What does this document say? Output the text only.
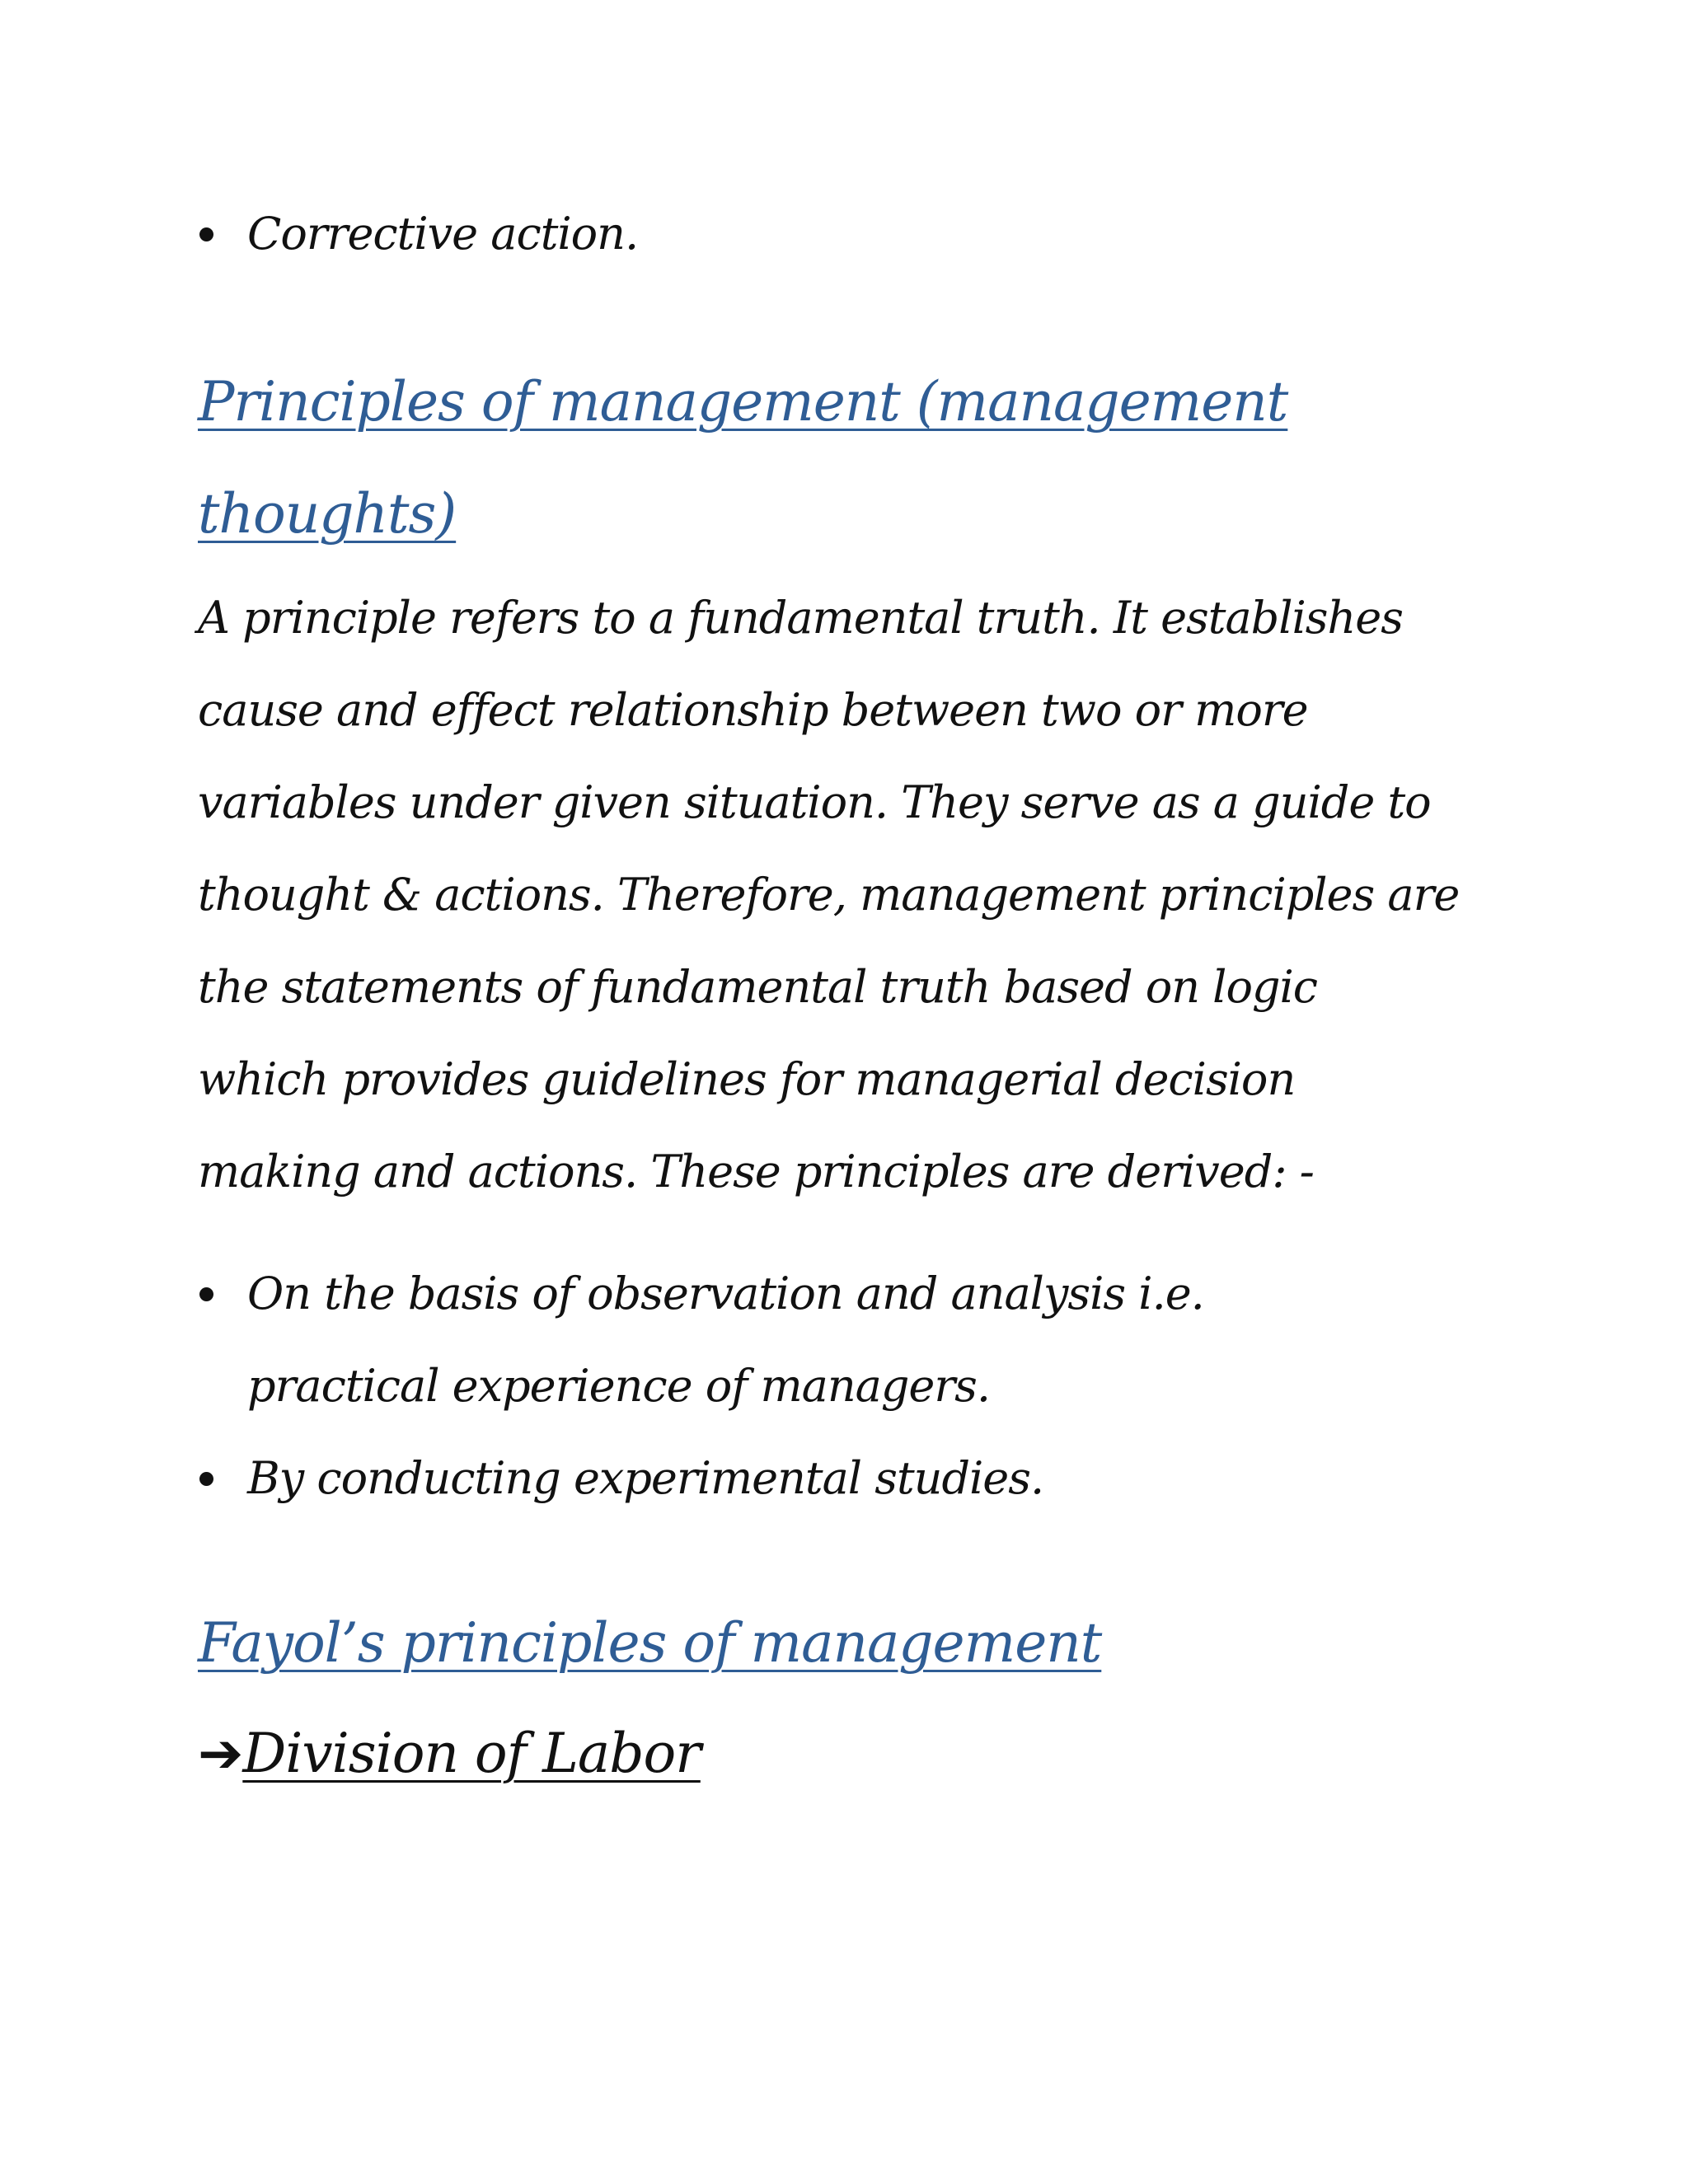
Corrective action.
Principles of management (management
thoughts)
A principle refers to a fundamental truth. It establishes
cause and effect relationship between two or more
variables under given situation. They serve as a guide to
thought & actions. Therefore, management principles are
the statements of fundamental truth based on logic
which provides guidelines for managerial decision
making and actions. These principles are derived: -
On the basis of observation and analysis i.e.
practical experience of managers.
By conducting experimental studies.
Fayol’s principles of management
➔Division of Labor
